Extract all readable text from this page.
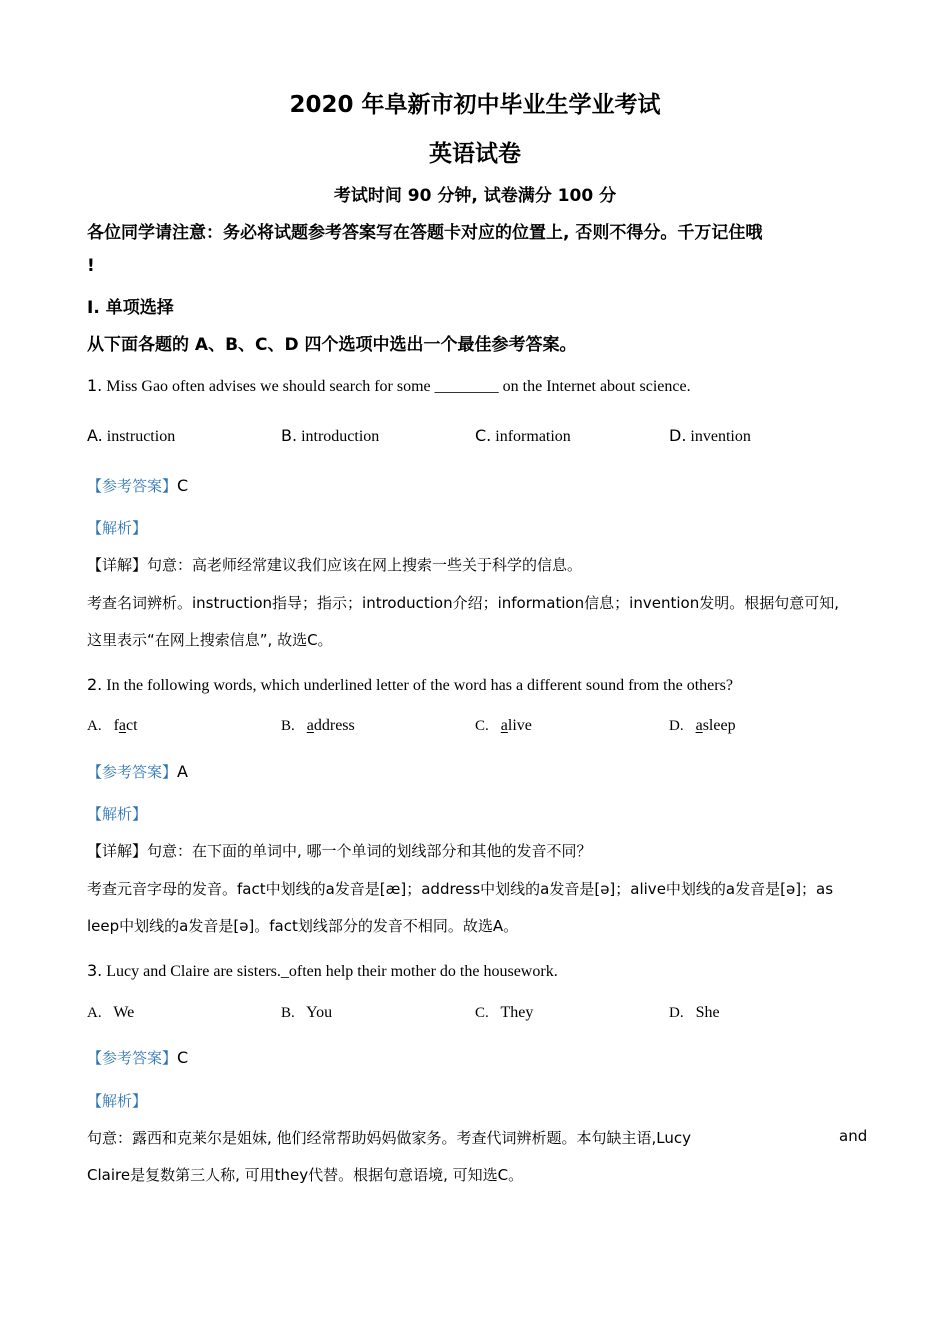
2020 年阜新市初中毕业生学业考试
英语试卷
考试时间 90 分钟, 试卷满分 100 分
各位同学请注意：务必将试题参考答案写在答题卡对应的位置上, 否则不得分。千万记住哦
!
I. 单项选择
从下面各题的 A、B、C、D 四个选项中选出一个最佳参考答案。
1. Miss Gao often advises we should search for some ________ on the Internet about science.
A. instruction	B. introduction	C. information	D. invention
【参考答案】C
【解析】
【详解】句意：高老师经常建议我们应该在网上搜索一些关于科学的信息。
考查名词辨析。instruction指导；指示；introduction介绍；information信息；invention发明。根据句意可知,
这里表示“在网上搜索信息”, 故选C。
2. In the following words, which underlined letter of the word has a different sound from the others?
A. fact	B. address	C. alive	D. asleep
【参考答案】A
【解析】
【详解】句意：在下面的单词中, 哪一个单词的划线部分和其他的发音不同？
考查元音字母的发音。fact中划线的a发音是[æ]；address中划线的a发音是[ə]；alive中划线的a发音是[ə]；as
leep中划线的a发音是[ə]。fact划线部分的发音不相同。故选A。
3. Lucy and Claire are sisters._often help their mother do the housework.
A. We	B. You	C. They	D. She
【参考答案】C
【解析】
句意：露西和克莱尔是姐妹, 他们经常帮助妈妈做家务。考查代词辨析题。本句缺主语,Lucy	and
Claire是复数第三人称, 可用they代替。根据句意语境, 可知选C。
